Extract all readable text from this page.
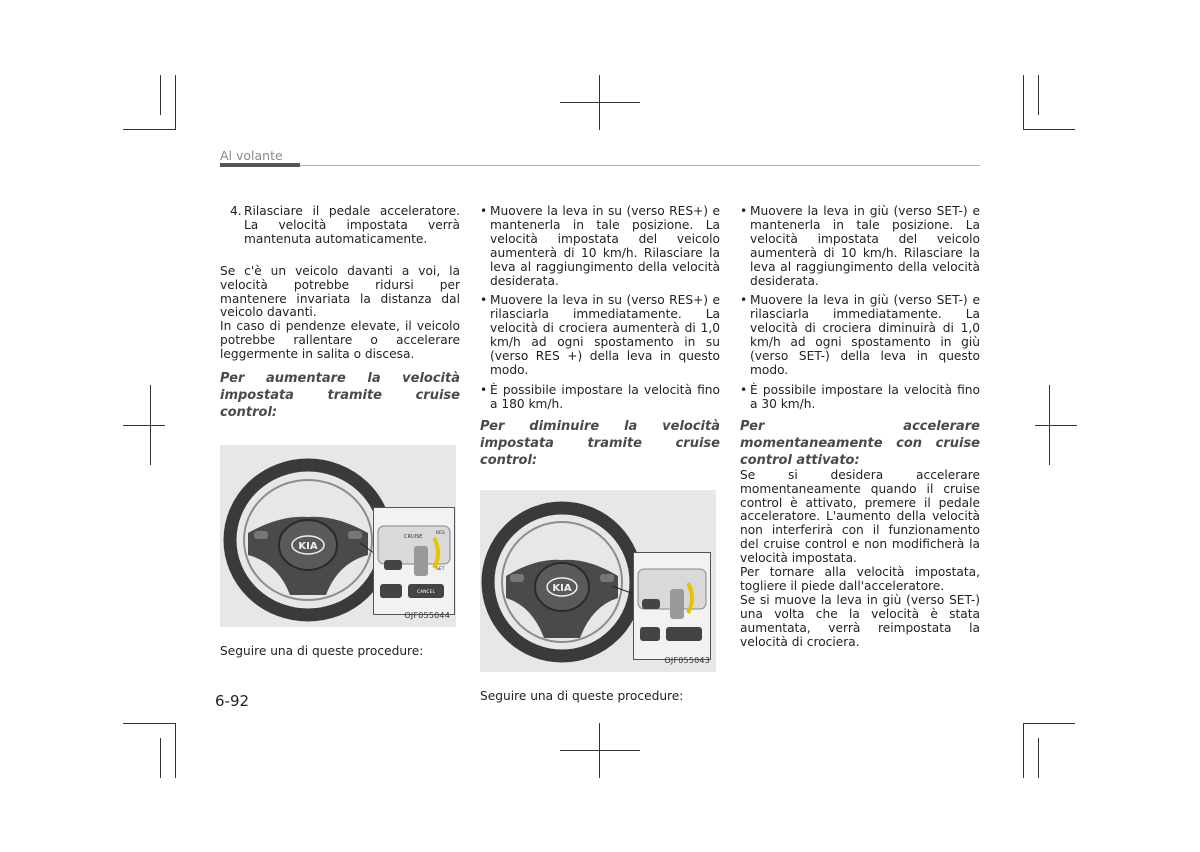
Al volante

4. Rilasciare il pedale acceleratore. La velocità impostata verrà mantenuta automaticamente.

Se c'è un veicolo davanti a voi, la velocità potrebbe ridursi per mantenere invariata la distanza dal veicolo davanti.

In caso di pendenze elevate, il veicolo potrebbe rallentare o accelerare leggermente in salita o discesa.

Per aumentare la velocità impostata tramite cruise control:

KIA
CRUISE
RES
SET
CANCEL
OJF055044

Seguire una di queste procedure:

• Muovere la leva in su (verso RES+) e mantenerla in tale posizione. La velocità impostata del veicolo aumenterà di 10 km/h. Rilasciare la leva al raggiungimento della velocità desiderata.

• Muovere la leva in su (verso RES+) e rilasciarla immediatamente. La velocità di crociera aumenterà di 1,0 km/h ad ogni spostamento in su (verso RES +) della leva in questo modo.

• È possibile impostare la velocità fino a 180 km/h.

Per diminuire la velocità impostata tramite cruise control:

KIA
OJF055043

Seguire una di queste procedure:

• Muovere la leva in giù (verso SET-) e mantenerla in tale posizione. La velocità impostata del veicolo aumenterà di 10 km/h. Rilasciare la leva al raggiungimento della velocità desiderata.

• Muovere la leva in giù (verso SET-) e rilasciarla immediatamente. La velocità di crociera diminuirà di 1,0 km/h ad ogni spostamento in giù (verso SET-) della leva in questo modo.

• È possibile impostare la velocità fino a 30 km/h.

Per accelerare momentaneamente con cruise control attivato:

Se si desidera accelerare momentaneamente quando il cruise control è attivato, premere il pedale acceleratore. L'aumento della velocità non interferirà con il funzionamento del cruise control e non modificherà la velocità impostata.

Per tornare alla velocità impostata, togliere il piede dall'acceleratore.

Se si muove la leva in giù (verso SET-) una volta che la velocità è stata aumentata, verrà reimpostata la velocità di crociera.

6-92
